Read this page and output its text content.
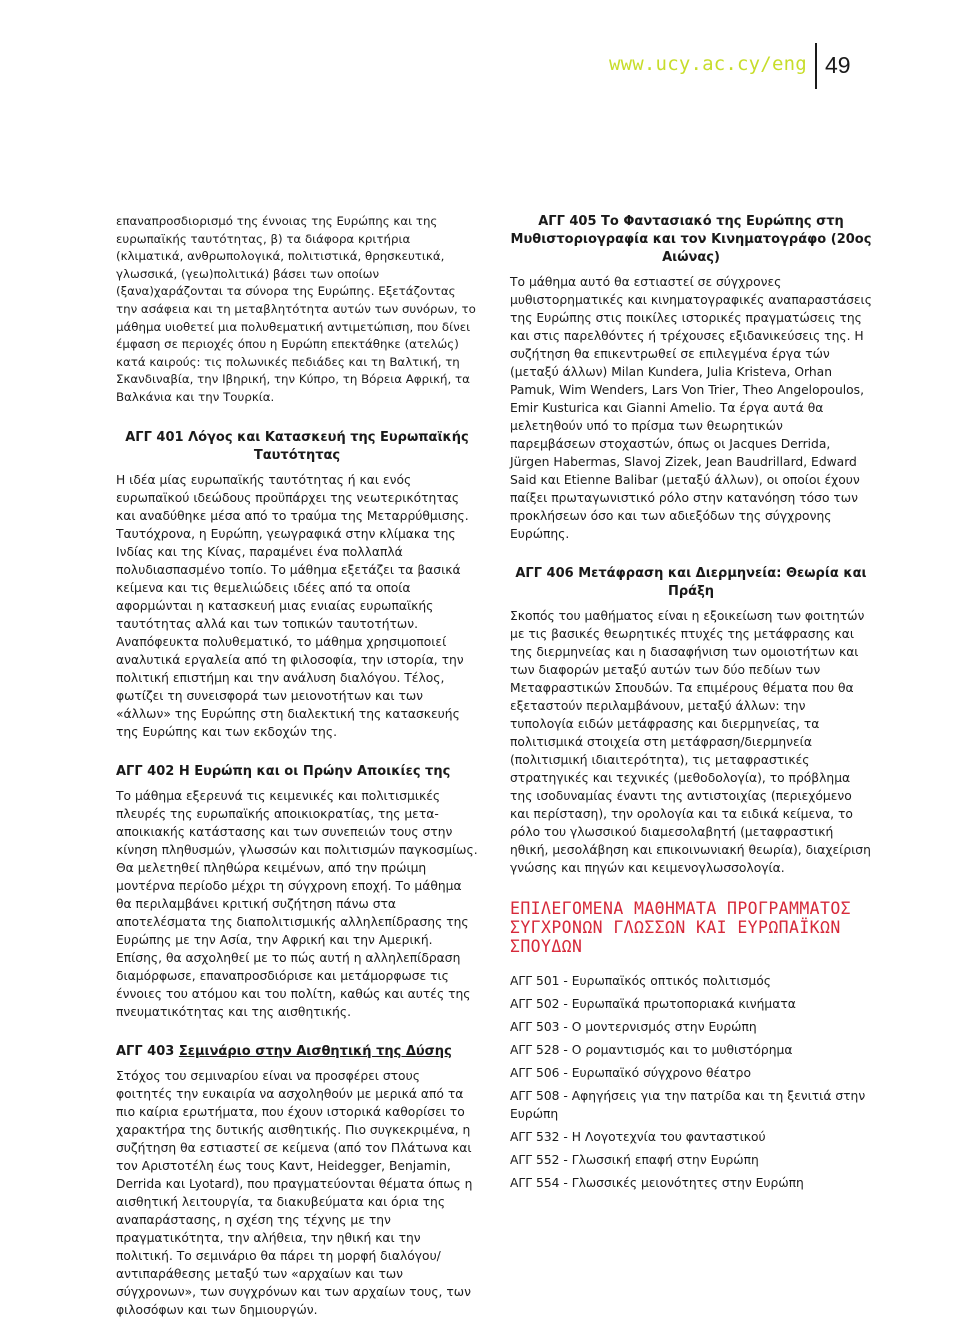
www.ucy.ac.cy/eng 49

επαναπροσδιορισμό της έννοιας της Ευρώπης και της ευρωπαϊκής ταυτότητας, β) τα διάφορα κριτήρια (κλιματικά, ανθρωπολογικά, πολιτιστικά, θρησκευτικά, γλωσσικά, (γεω)πολιτικά) βάσει των οποίων (ξανα)χαράζονται τα σύνορα της Ευρώπης. Εξετάζοντας την ασάφεια και τη μεταβλητότητα αυτών των συνόρων, το μάθημα υιοθετεί μια πολυθεματική αντιμετώπιση, που δίνει έμφαση σε περιοχές όπου η Ευρώπη επεκτάθηκε (ατελώς) κατά καιρούς: τις πολωνικές πεδιάδες και τη Βαλτική, τη Σκανδιναβία, την Ιβηρική, την Κύπρο, τη Βόρεια Αφρική, τα Βαλκάνια και την Τουρκία.

ΑΓΓ 401 Λόγος και Κατασκευή της Ευρωπαϊκής Ταυτότητας

Η ιδέα μίας ευρωπαϊκής ταυτότητας ή και ενός ευρωπαϊκού ιδεώδους προϋπάρχει της νεωτερικότητας και αναδύθηκε μέσα από το τραύμα της Μεταρρύθμισης. Ταυτόχρονα, η Ευρώπη, γεωγραφικά στην κλίμακα της Ινδίας και της Κίνας, παραμένει ένα πολλαπλά πολυδιασπασμένο τοπίο. Το μάθημα εξετάζει τα βασικά κείμενα και τις θεμελιώδεις ιδέες από τα οποία αφορμώνται η κατασκευή μιας ενιαίας ευρωπαϊκής ταυτότητας αλλά και των τοπικών ταυτοτήτων. Αναπόφευκτα πολυθεματικό, το μάθημα χρησιμοποιεί αναλυτικά εργαλεία από τη φιλοσοφία, την ιστορία, την πολιτική επιστήμη και την ανάλυση διαλόγου. Τέλος, φωτίζει τη συνεισφορά των μειονοτήτων και των «άλλων» της Ευρώπης στη διαλεκτική της κατασκευής της Ευρώπης και των εκδοχών της.

ΑΓΓ 402 Η Ευρώπη και οι Πρώην Αποικίες της

Το μάθημα εξερευνά τις κειμενικές και πολιτισμικές πλευρές της ευρωπαϊκής αποικιοκρατίας, της μετα-αποικιακής κατάστασης και των συνεπειών τους στην κίνηση πληθυσμών, γλωσσών και πολιτισμών παγκοσμίως. Θα μελετηθεί πληθώρα κειμένων, από την πρώιμη μοντέρνα περίοδο μέχρι τη σύγχρονη εποχή. Το μάθημα θα περιλαμβάνει κριτική συζήτηση πάνω στα αποτελέσματα της διαπολιτισμικής αλληλεπίδρασης της Ευρώπης με την Ασία, την Αφρική και την Αμερική. Επίσης, θα ασχοληθεί με το πώς αυτή η αλληλεπίδραση διαμόρφωσε, επαναπροσδιόρισε και μετάμορφωσε τις έννοιες του ατόμου και του πολίτη, καθώς και αυτές της πνευματικότητας και της αισθητικής.

ΑΓΓ 403 Σεμινάριο στην Αισθητική της Δύσης

Στόχος του σεμιναρίου είναι να προσφέρει στους φοιτητές την ευκαιρία να ασχοληθούν με μερικά από τα πιο καίρια ερωτήματα, που έχουν ιστορικά καθορίσει το χαρακτήρα της δυτικής αισθητικής. Πιο συγκεκριμένα, η συζήτηση θα εστιαστεί σε κείμενα (από τον Πλάτωνα και τον Αριστοτέλη έως τους Καντ, Heidegger, Benjamin, Derrida και Lyotard), που πραγματεύονται θέματα όπως η αισθητική λειτουργία, τα διακυβεύματα και όρια της αναπαράστασης, η σχέση της τέχνης με την πραγματικότητα, την αλήθεια, την ηθική και την πολιτική. Το σεμινάριο θα πάρει τη μορφή διαλόγου/αντιπαράθεσης μεταξύ των «αρχαίων και των σύγχρονων», των συγχρόνων και των αρχαίων τους, των φιλοσόφων και των δημιουργών.

ΑΓΓ 405 Το Φαντασιακό της Ευρώπης στη Μυθιστοριογραφία και τον Κινηματογράφο (20ος Αιώνας)

Το μάθημα αυτό θα εστιαστεί σε σύγχρονες μυθιστορηματικές και κινηματογραφικές αναπαραστάσεις της Ευρώπης στις ποικίλες ιστορικές πραγματώσεις της και στις παρελθόντες ή τρέχουσες εξιδανικεύσεις της. Η συζήτηση θα επικεντρωθεί σε επιλεγμένα έργα τών (μεταξύ άλλων) Milan Kundera, Julia Kristeva, Orhan Pamuk, Wim Wenders, Lars Von Trier, Theo Angelopoulos, Emir Kusturica και Gianni Amelio. Τα έργα αυτά θα μελετηθούν υπό το πρίσμα των θεωρητικών παρεμβάσεων στοχαστών, όπως οι Jacques Derrida, Jürgen Habermas, Slavoj Zizek, Jean Baudrillard, Edward Said και Etienne Balibar (μεταξύ άλλων), οι οποίοι έχουν παίξει πρωταγωνιστικό ρόλο στην κατανόηση τόσο των προκλήσεων όσο και των αδιεξόδων της σύγχρονης Ευρώπης.

ΑΓΓ 406 Μετάφραση και Διερμηνεία: Θεωρία και Πράξη

Σκοπός του μαθήματος είναι η εξοικείωση των φοιτητών με τις βασικές θεωρητικές πτυχές της μετάφρασης και της διερμηνείας και η διασαφήνιση των ομοιοτήτων και των διαφορών μεταξύ αυτών των δύο πεδίων των Μεταφραστικών Σπουδών. Τα επιμέρους θέματα που θα εξεταστούν περιλαμβάνουν, μεταξύ άλλων: την τυπολογία ειδών μετάφρασης και διερμηνείας, τα πολιτισμικά στοιχεία στη μετάφραση/διερμηνεία (πολιτισμική ιδιαιτερότητα), τις μεταφραστικές στρατηγικές και τεχνικές (μεθοδολογία), το πρόβλημα της ισοδυναμίας έναντι της αντιστοιχίας (περιεχόμενο και περίσταση), την ορολογία και τα ειδικά κείμενα, το ρόλο του γλωσσικού διαμεσολαβητή (μεταφραστική ηθική, μεσολάβηση και επικοινωνιακή θεωρία), διαχείριση γνώσης και πηγών και κειμενογλωσσολογία.

ΕΠΙΛΕΓΟΜΕΝΑ ΜΑΘΗΜΑΤΑ ΠΡΟΓΡΑΜΜΑΤΟΣ ΣΥΓΧΡΟΝΩΝ ΓΛΩΣΣΩΝ ΚΑΙ ΕΥΡΩΠΑΪΚΩΝ ΣΠΟΥΔΩΝ
ΑΓΓ 501 - Ευρωπαϊκός οπτικός πολιτισμός
ΑΓΓ 502 - Ευρωπαϊκά πρωτοποριακά κινήματα
ΑΓΓ 503 - Ο μοντερνισμός στην Ευρώπη
ΑΓΓ 528 - Ο ρομαντισμός και το μυθιστόρημα
ΑΓΓ 506 - Ευρωπαϊκό σύγχρονο θέατρο
ΑΓΓ 508 - Αφηγήσεις για την πατρίδα και τη ξενιτιά στην Ευρώπη
ΑΓΓ 532 - Η Λογοτεχνία του φανταστικού
ΑΓΓ 552 - Γλωσσική επαφή στην Ευρώπη
ΑΓΓ 554 - Γλωσσικές μειονότητες στην Ευρώπη
